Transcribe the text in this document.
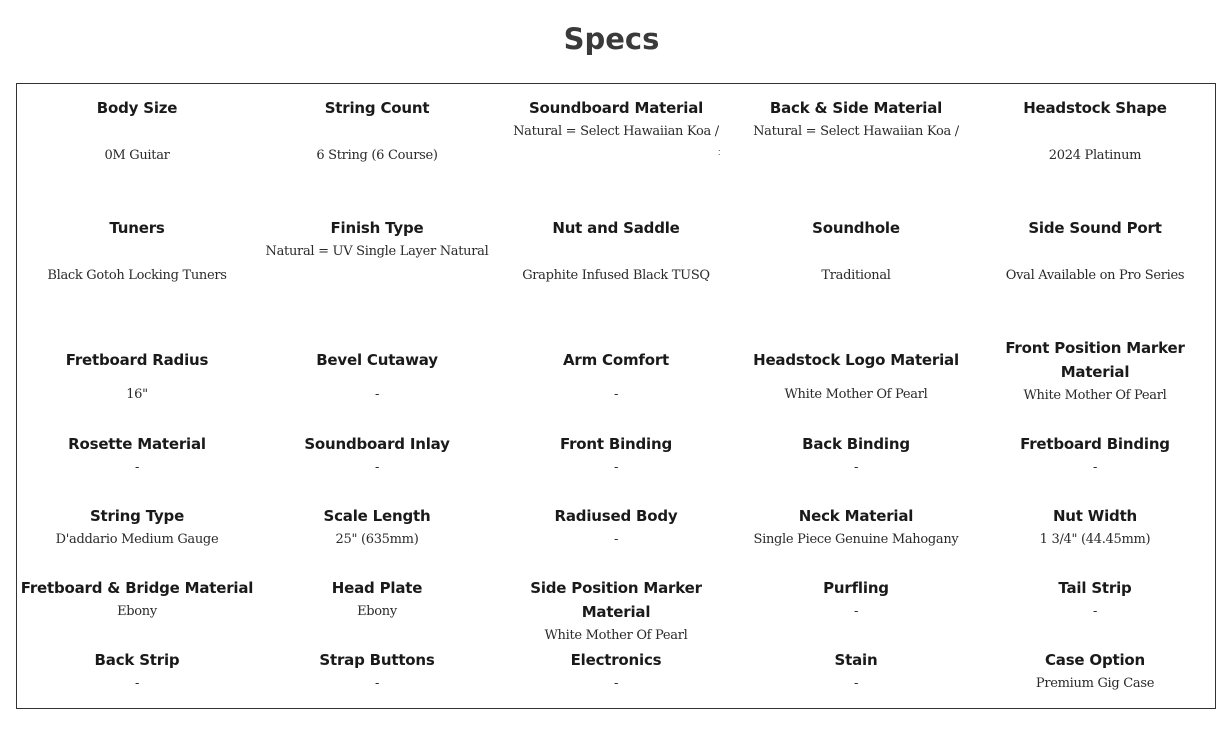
Specs
Body Size
0M Guitar
String Count
6 String (6 Course)
Soundboard Material
Natural = Select Hawaiian Koa /
Back & Side Material
Natural = Select Hawaiian Koa /
Headstock Shape
2024 Platinum
:
Tuners
Black Gotoh Locking Tuners
Finish Type
Natural = UV Single Layer Natural
Nut and Saddle
Graphite Infused Black TUSQ
Soundhole
Traditional
Side Sound Port
Oval Available on Pro Series
Fretboard Radius
16"
Bevel Cutaway
-
Arm Comfort
-
Headstock Logo Material
White Mother Of Pearl
Front Position Marker Material
White Mother Of Pearl
Rosette Material
-
Soundboard Inlay
-
Front Binding
-
Back Binding
-
Fretboard Binding
-
String Type
D'addario Medium Gauge
Scale Length
25" (635mm)
Radiused Body
-
Neck Material
Single Piece Genuine Mahogany
Nut Width
1 3/4" (44.45mm)
Fretboard & Bridge Material
Ebony
Head Plate
Ebony
Side Position Marker Material
White Mother Of Pearl
Purfling
-
Tail Strip
-
Back Strip
-
Strap Buttons
-
Electronics
-
Stain
-
Case Option
Premium Gig Case
